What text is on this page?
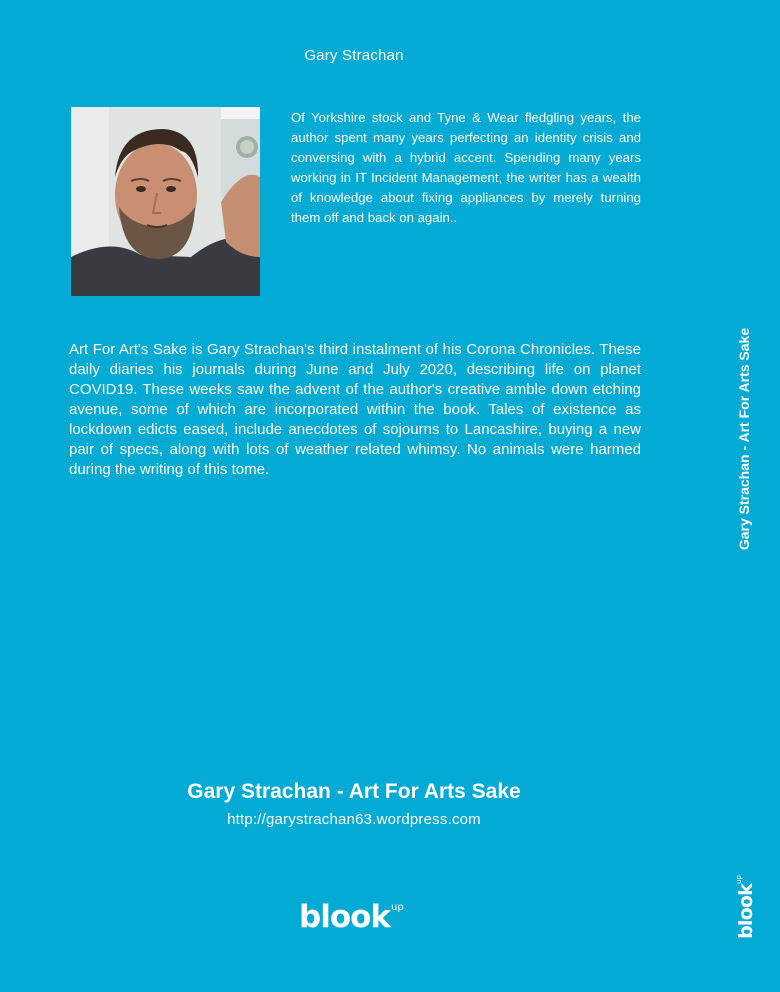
Gary Strachan

Of Yorkshire stock and Tyne & Wear fledgling years, the author spent many years perfecting an identity crisis and conversing with a hybrid accent. Spending many years working in IT Incident Management, the writer has a wealth of knowledge about fixing appliances by merely turning them off and back on again..

Art For Art's Sake is Gary Strachan's third instalment of his Corona Chronicles. These daily diaries his journals during June and July 2020, describing life on planet COVID19. These weeks saw the advent of the author's creative amble down etching avenue, some of which are incorporated within the book. Tales of existence as lockdown edicts eased, include anecdotes of sojourns to Lancashire, buying a new pair of specs, along with lots of weather related whimsy. No animals were harmed during the writing of this tome.

Gary Strachan - Art For Arts Sake
http://garystrachan63.wordpress.com
blook$^{up}$
Gary Strachan - Art For Arts Sake
blook$^{up}$
